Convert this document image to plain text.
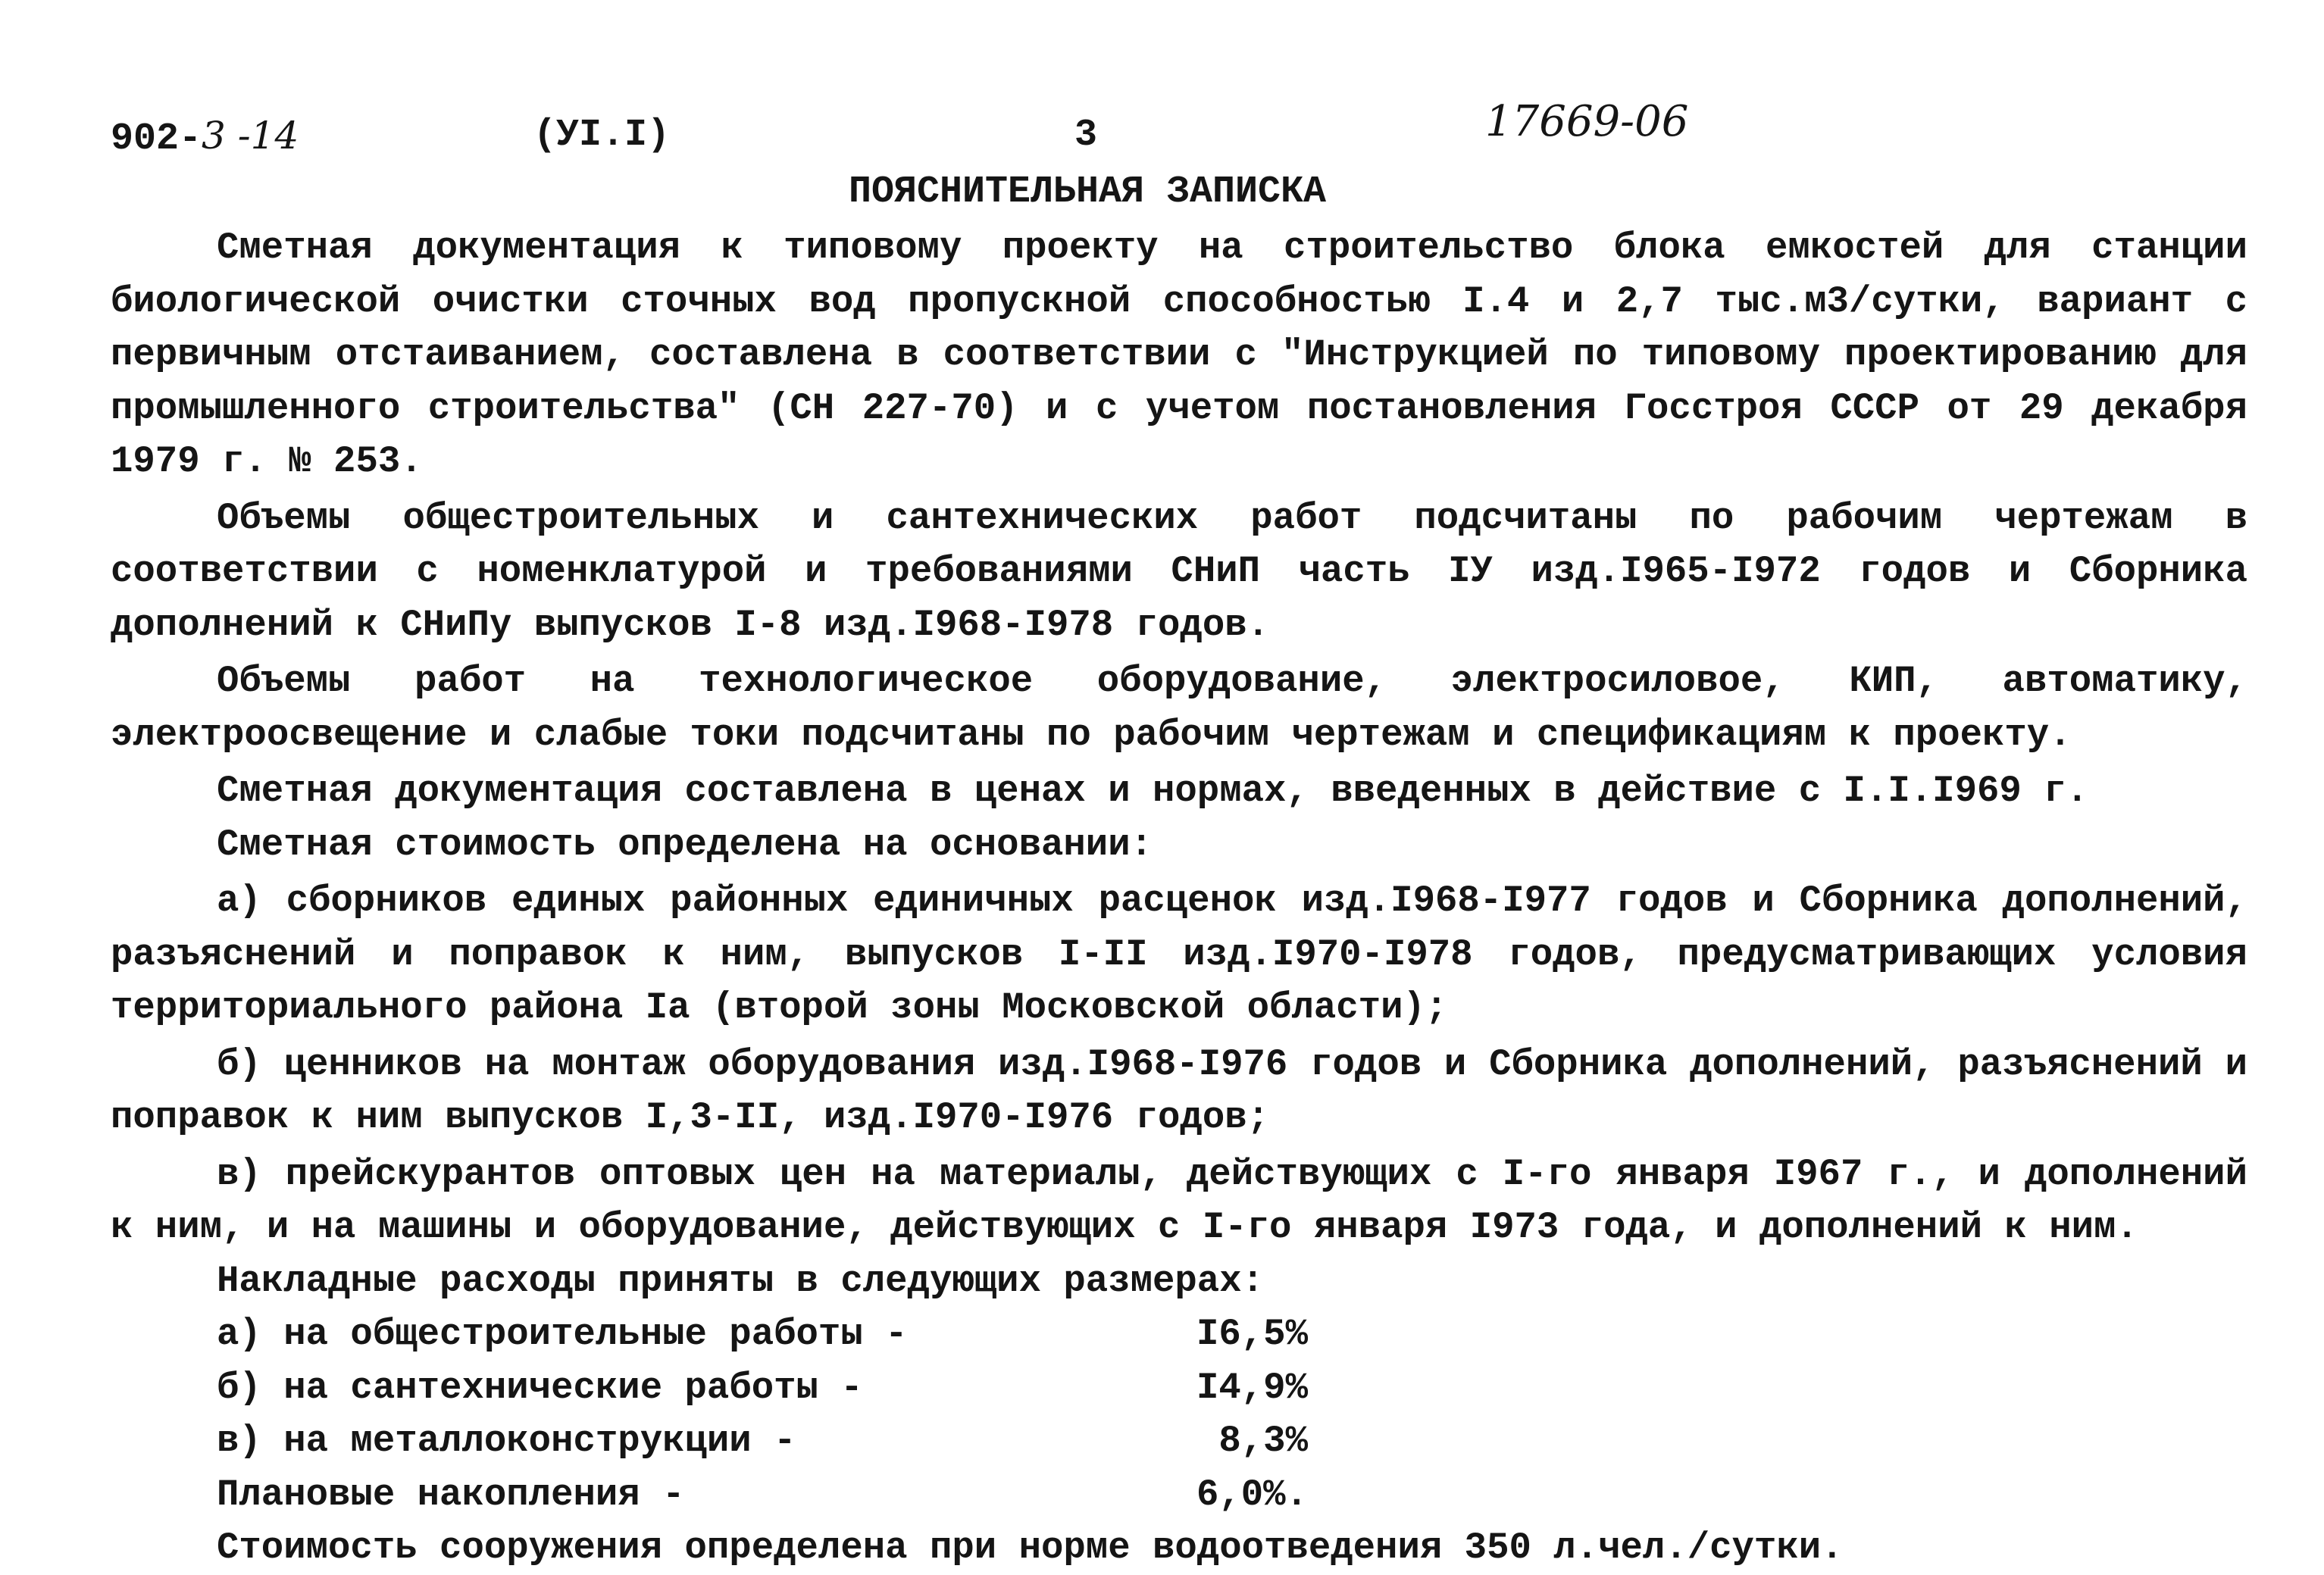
902-3 -14	(УI.I)	3	17669-06
ПОЯСНИТЕЛЬНАЯ ЗАПИСКА

Сметная документация к типовому проекту на строительство блока емкостей для станции биологической очистки сточных вод пропускной способностью I.4 и 2,7 тыс.м3/сутки, вариант с первичным отстаиванием, составлена в соответствии с "Инструкцией по типовому проектированию для промышленного строительства" (СН 227-70) и с учетом постановления Госстроя СССР от 29 декабря 1979 г. № 253.

Объемы общестроительных и сантехнических работ подсчитаны по рабочим чертежам в соответствии с номенклатурой и требованиями СНиП часть IУ изд.I965-I972 годов и Сборника дополнений к СНиПу выпусков I-8 изд.I968-I978 годов.

Объемы работ на технологическое оборудование, электросиловое, КИП, автоматику, электроосвещение и слабые токи подсчитаны по рабочим чертежам и спецификациям к проекту.

Сметная документация составлена в ценах и нормах, введенных в действие с I.I.I969 г.

Сметная стоимость определена на основании:

а) сборников единых районных единичных расценок изд.I968-I977 годов и Сборника дополнений, разъяснений и поправок к ним, выпусков I-II изд.I970-I978 годов, предусматривающих условия территориального района Iа (второй зоны Московской области);

б) ценников на монтаж оборудования изд.I968-I976 годов и Сборника дополнений, разъяснений и поправок к ним выпусков I,3-II, изд.I970-I976 годов;

в) прейскурантов оптовых цен на материалы, действующих с I-го января I967 г., и дополнений к ним, и на машины и оборудование, действующих с I-го января I973 года, и дополнений к ним.

Накладные расходы приняты в следующих размерах:

а) на общестроительные работы -	I6,5%
б) на сантехнические работы -	I4,9%
в) на металлоконструкции -	8,3%
Плановые накопления -	6,0%.

Стоимость сооружения определена при норме водоотведения 350 л.чел./сутки.
